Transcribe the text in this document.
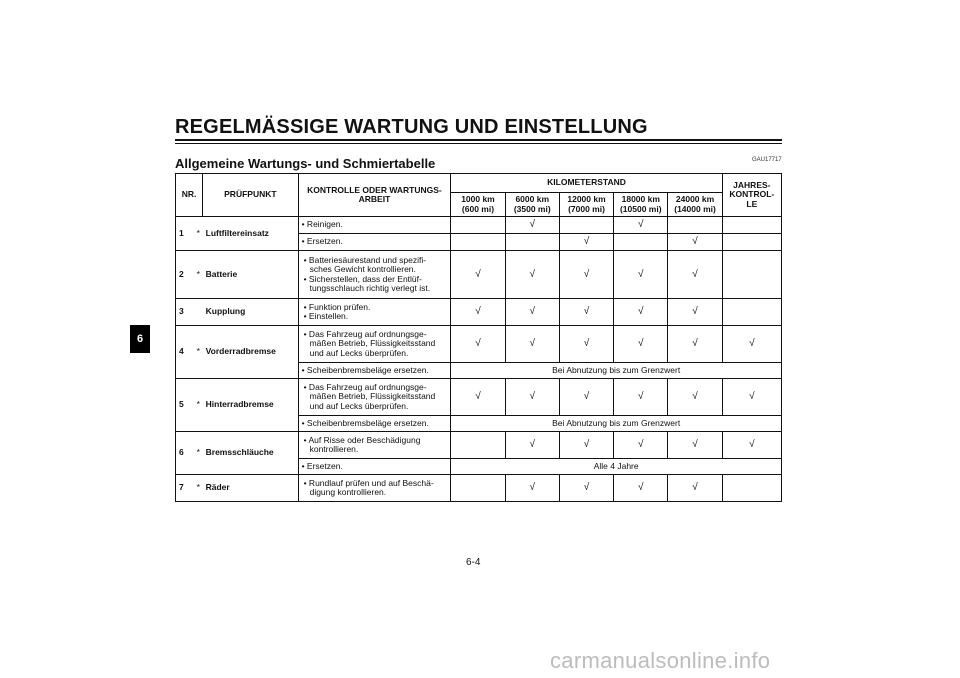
REGELMÄSSIGE WARTUNG UND EINSTELLUNG
Allgemeine Wartungs- und Schmiertabelle	GAU17717
6
NR.		PRÜFPUNKT	KONTROLLE ODER WARTUNGS-
ARBEIT	KILOMETERSTAND					JAHRES-
KONTROL-
LE
				1000 km
(600 mi)	6000 km
(3500 mi)	12000 km
(7000 mi)	18000 km
(10500 mi)	24000 km
(14000 mi)	
1	*	Luftfiltereinsatz	• Reinigen.		√		√		
			• Ersetzen.			√		√	
2	*	Batterie	• Batteriesäurestand und spezifi-
sches Gewicht kontrollieren.
• Sicherstellen, dass der Entlüf-
tungsschlauch richtig verlegt ist.	√	√	√	√	√	
3		Kupplung	• Funktion prüfen.
• Einstellen.	√	√	√	√	√	
4	*	Vorderradbremse	• Das Fahrzeug auf ordnungsge-
mäßen Betrieb, Flüssigkeitsstand
und auf Lecks überprüfen.	√	√	√	√	√	√
			• Scheibenbremsbeläge ersetzen.	Bei Abnutzung bis zum Grenzwert					
5	*	Hinterradbremse	• Das Fahrzeug auf ordnungsge-
mäßen Betrieb, Flüssigkeitsstand
und auf Lecks überprüfen.	√	√	√	√	√	√
			• Scheibenbremsbeläge ersetzen.	Bei Abnutzung bis zum Grenzwert					
6	*	Bremsschläuche	• Auf Risse oder Beschädigung
kontrollieren.		√	√	√	√	√
			• Ersetzen.	Alle 4 Jahre					
7	*	Räder	• Rundlauf prüfen und auf Beschä-
digung kontrollieren.		√	√	√	√	
6-4
carmanualsonline.info
